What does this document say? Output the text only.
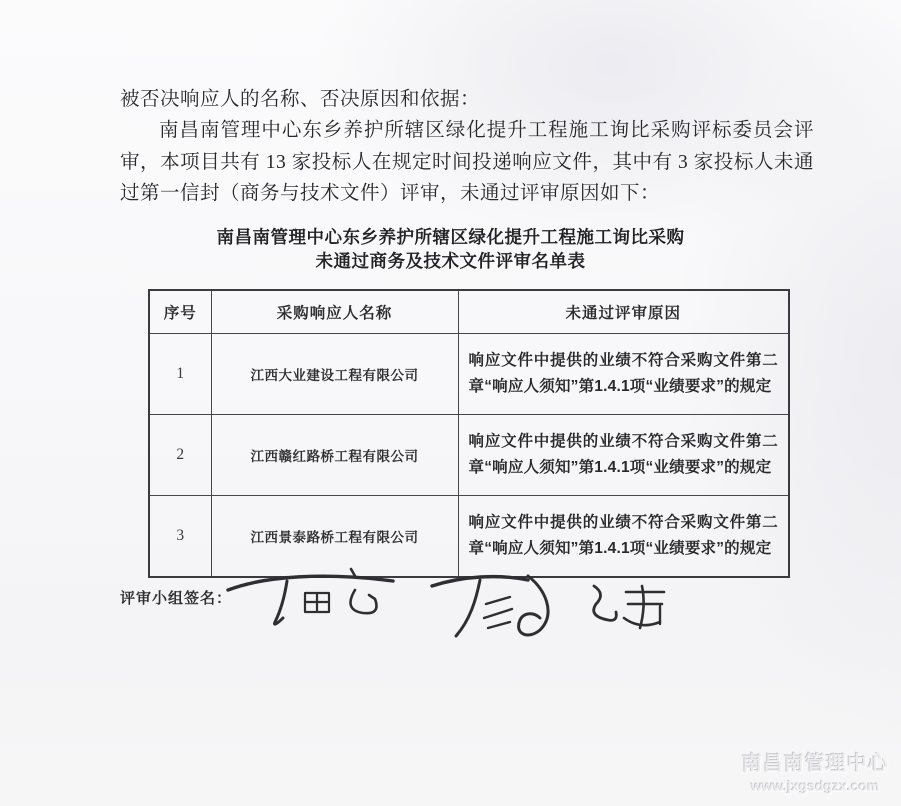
被否决响应人的名称、否决原因和依据：

南昌南管理中心东乡养护所辖区绿化提升工程施工询比采购评标委员会评审，本项目共有 13 家投标人在规定时间投递响应文件，其中有 3 家投标人未通过第一信封（商务与技术文件）评审，未通过评审原因如下：

南昌南管理中心东乡养护所辖区绿化提升工程施工询比采购
未通过商务及技术文件评审名单表
序号	采购响应人名称	未通过评审原因
1	江西大业建设工程有限公司	响应文件中提供的业绩不符合采购文件第二章“响应人须知”第1.4.1项“业绩要求”的规定
2	江西赣红路桥工程有限公司	响应文件中提供的业绩不符合采购文件第二章“响应人须知”第1.4.1项“业绩要求”的规定
3	江西景泰路桥工程有限公司	响应文件中提供的业绩不符合采购文件第二章“响应人须知”第1.4.1项“业绩要求”的规定
评审小组签名：
南昌南管理中心
www.jxgsdgzx.com
